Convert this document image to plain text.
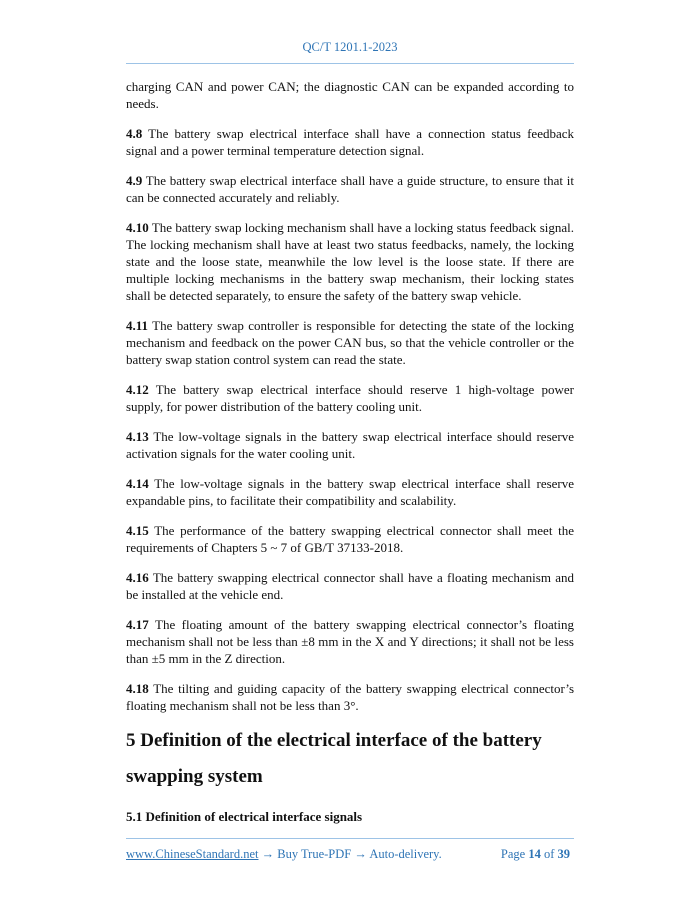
QC/T 1201.1-2023

charging CAN and power CAN; the diagnostic CAN can be expanded according to needs.

4.8 The battery swap electrical interface shall have a connection status feedback signal and a power terminal temperature detection signal.

4.9 The battery swap electrical interface shall have a guide structure, to ensure that it can be connected accurately and reliably.

4.10 The battery swap locking mechanism shall have a locking status feedback signal. The locking mechanism shall have at least two status feedbacks, namely, the locking state and the loose state, meanwhile the low level is the loose state. If there are multiple locking mechanisms in the battery swap mechanism, their locking states shall be detected separately, to ensure the safety of the battery swap vehicle.

4.11 The battery swap controller is responsible for detecting the state of the locking mechanism and feedback on the power CAN bus, so that the vehicle controller or the battery swap station control system can read the state.

4.12 The battery swap electrical interface should reserve 1 high-voltage power supply, for power distribution of the battery cooling unit.

4.13 The low-voltage signals in the battery swap electrical interface should reserve activation signals for the water cooling unit.

4.14 The low-voltage signals in the battery swap electrical interface shall reserve expandable pins, to facilitate their compatibility and scalability.

4.15 The performance of the battery swapping electrical connector shall meet the requirements of Chapters 5 ~ 7 of GB/T 37133-2018.

4.16 The battery swapping electrical connector shall have a floating mechanism and be installed at the vehicle end.

4.17 The floating amount of the battery swapping electrical connector’s floating mechanism shall not be less than ±8 mm in the X and Y directions; it shall not be less than ±5 mm in the Z direction.

4.18 The tilting and guiding capacity of the battery swapping electrical connector’s floating mechanism shall not be less than 3°.

5 Definition of the electrical interface of the battery
swapping system
5.1 Definition of electrical interface signals
www.ChineseStandard.net → Buy True-PDF → Auto-delivery.	Page 14 of 39
